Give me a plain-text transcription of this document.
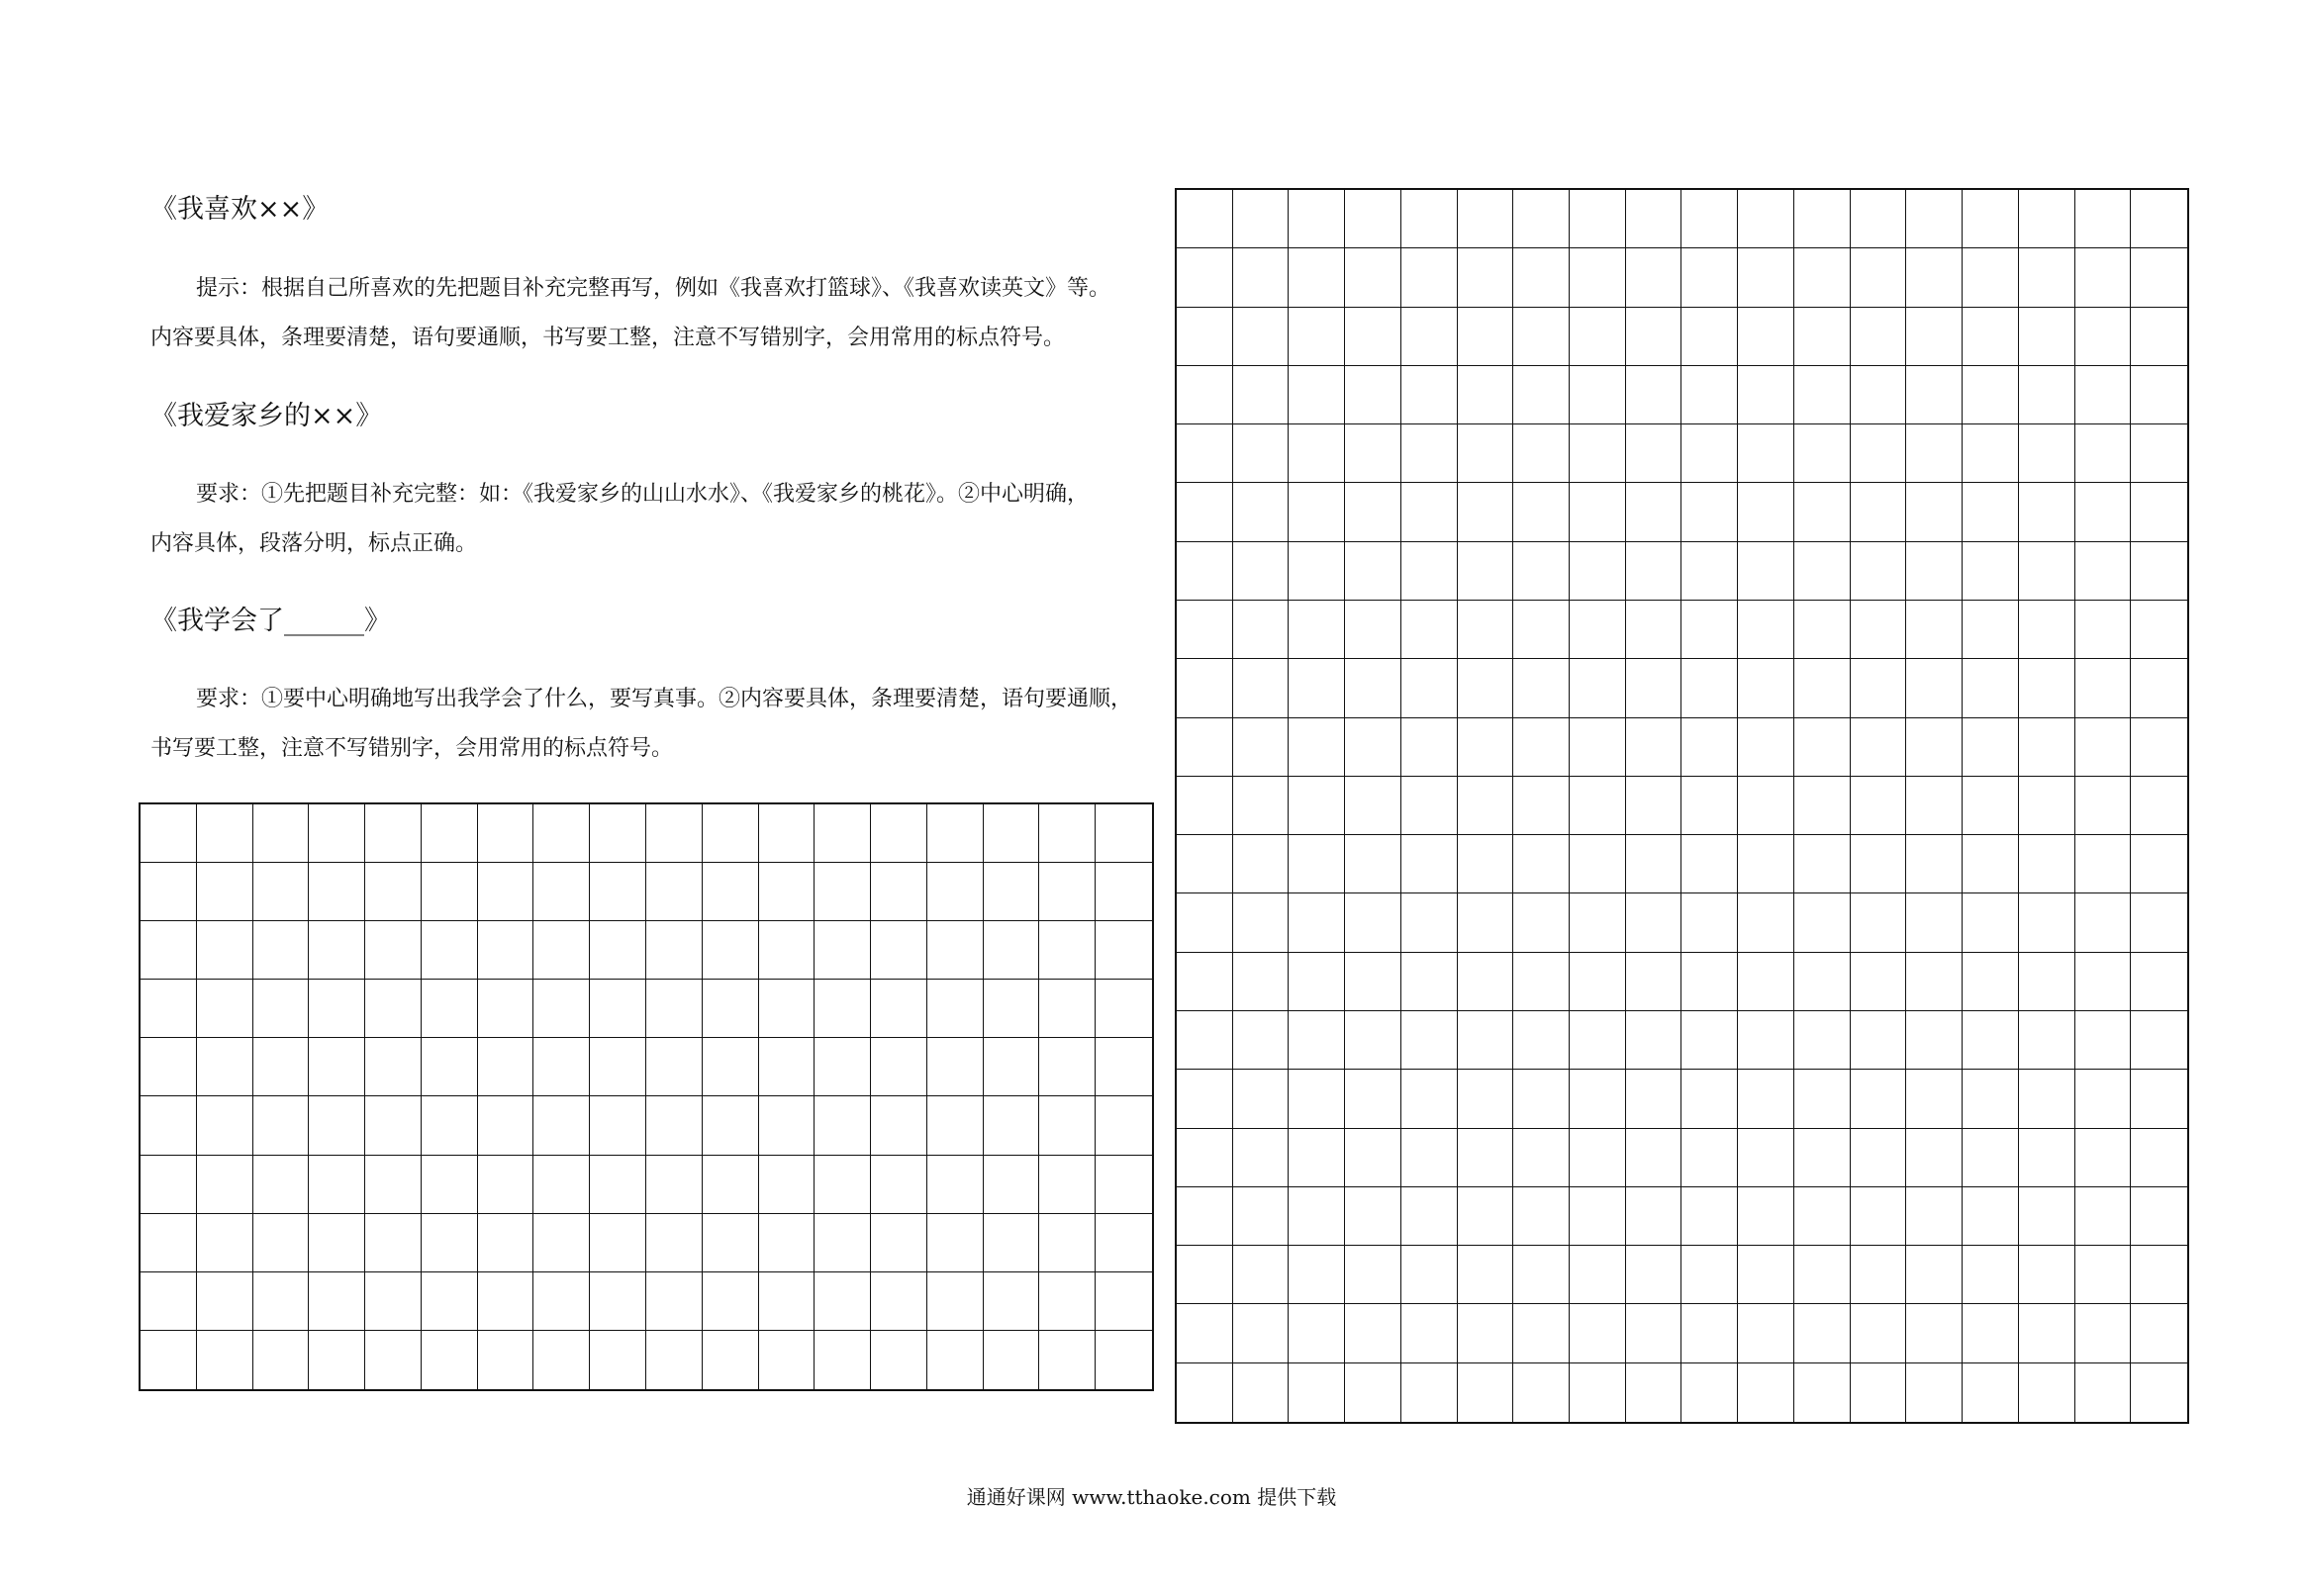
《我喜欢××》
提示：根据自己所喜欢的先把题目补充完整再写，例如《我喜欢打篮球》、《我喜欢读英文》等。
内容要具体，条理要清楚，语句要通顺，书写要工整，注意不写错别字，会用常用的标点符号。
《我爱家乡的××》
要求：①先把题目补充完整：如：《我爱家乡的山山水水》、《我爱家乡的桃花》。②中心明确，
内容具体，段落分明，标点正确。
《我学会了______》
要求：①要中心明确地写出我学会了什么，要写真事。②内容要具体，条理要清楚，语句要通顺，
书写要工整，注意不写错别字，会用常用的标点符号。
通通好课网 www.tthaoke.com 提供下载
